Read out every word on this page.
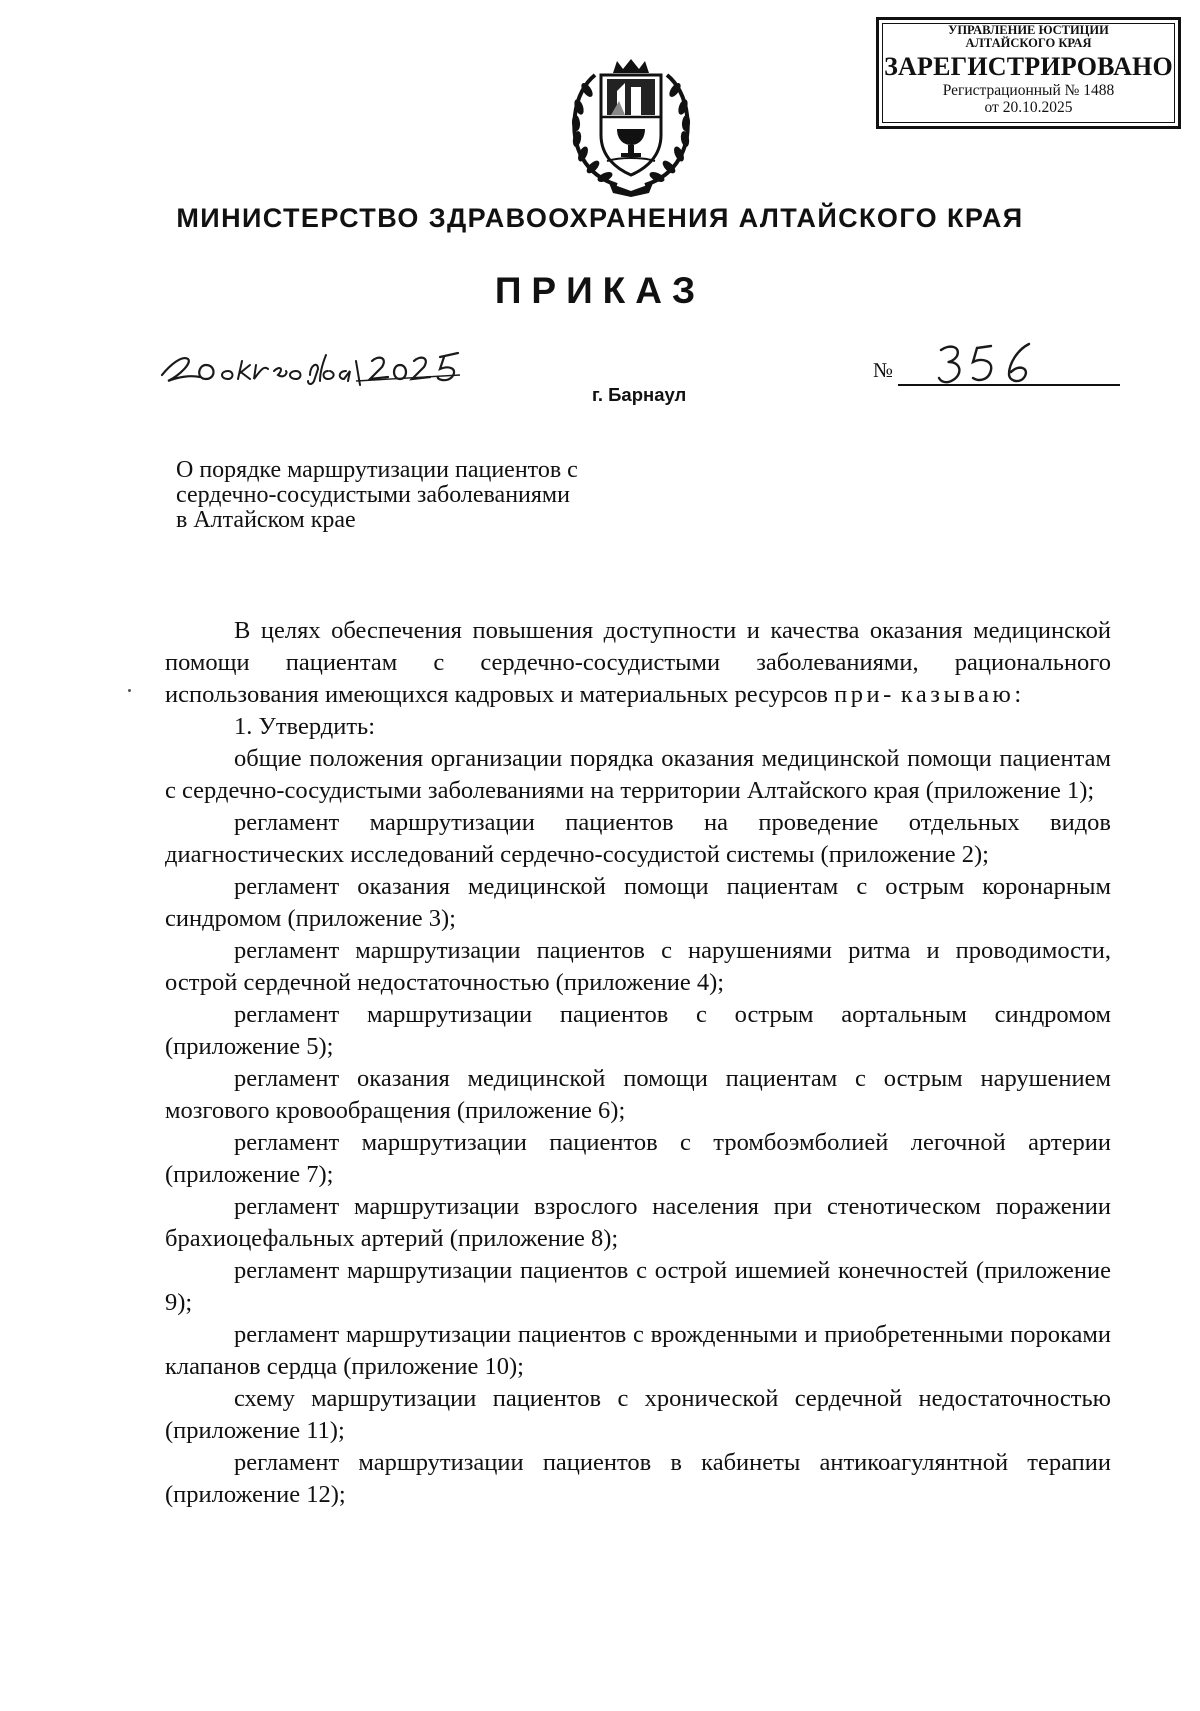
УПРАВЛЕНИЕ ЮСТИЦИИ
АЛТАЙСКОГО КРАЯ
ЗАРЕГИСТРИРОВАНО
Регистрационный № 1488
от 20.10.2025
МИНИСТЕРСТВО ЗДРАВООХРАНЕНИЯ АЛТАЙСКОГО КРАЯ
ПРИКАЗ
г. Барнаул
№
О порядке маршрутизации пациентов с
сердечно-сосудистыми заболеваниями
в Алтайском крае

В целях обеспечения повышения доступности и качества оказания медицинской помощи пациентам с сердечно-сосудистыми заболеваниями, рационального использования имеющихся кадровых и материальных ресурсов при- казываю:

1. Утвердить:

общие положения организации порядка оказания медицинской помощи пациентам с сердечно-сосудистыми заболеваниями на территории Алтайского края (приложение 1);

регламент маршрутизации пациентов на проведение отдельных видов диагностических исследований сердечно-сосудистой системы (приложение 2);

регламент оказания медицинской помощи пациентам с острым коронарным синдромом (приложение 3);

регламент маршрутизации пациентов с нарушениями ритма и проводимости, острой сердечной недостаточностью (приложение 4);

регламент маршрутизации пациентов с острым аортальным синдромом (приложение 5);

регламент оказания медицинской помощи пациентам с острым нарушением мозгового кровообращения (приложение 6);

регламент маршрутизации пациентов с тромбоэмболией легочной артерии (приложение 7);

регламент маршрутизации взрослого населения при стенотическом поражении брахиоцефальных артерий (приложение 8);

регламент маршрутизации пациентов с острой ишемией конечностей (приложение 9);

регламент маршрутизации пациентов с врожденными и приобретенными пороками клапанов сердца (приложение 10);

схему маршрутизации пациентов с хронической сердечной недостаточностью (приложение 11);

регламент маршрутизации пациентов в кабинеты антикоагулянтной терапии (приложение 12);
